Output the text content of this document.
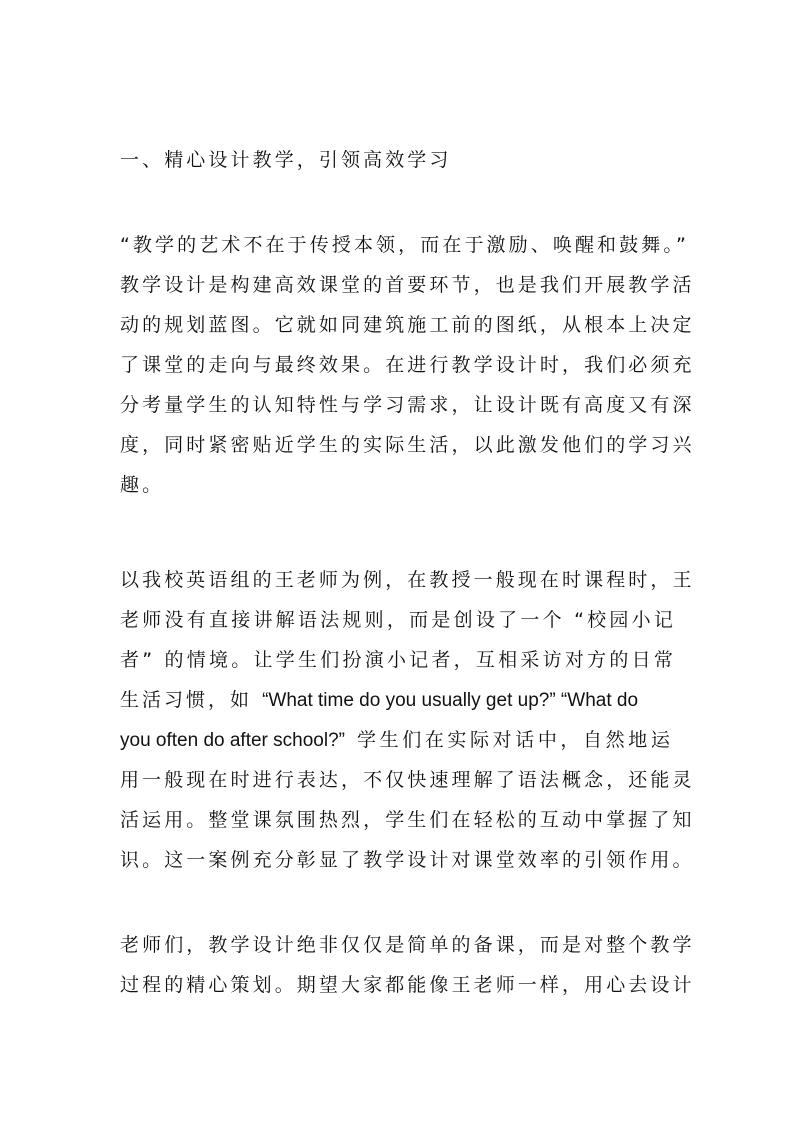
一、精心设计教学，引领高效学习
“教学的艺术不在于传授本领，而在于激励、唤醒和鼓舞。”
教学设计是构建高效课堂的首要环节，也是我们开展教学活
动的规划蓝图。它就如同建筑施工前的图纸，从根本上决定
了课堂的走向与最终效果。在进行教学设计时，我们必须充
分考量学生的认知特性与学习需求，让设计既有高度又有深
度，同时紧密贴近学生的实际生活，以此激发他们的学习兴
趣。
以我校英语组的王老师为例，在教授一般现在时课程时，王
老师没有直接讲解语法规则，而是创设了一个 “校园小记
者” 的情境。让学生们扮演小记者，互相采访对方的日常
生活习惯，如 “What time do you usually get up?” “What do
you often do after school?” 学生们在实际对话中，自然地运
用一般现在时进行表达，不仅快速理解了语法概念，还能灵
活运用。整堂课氛围热烈，学生们在轻松的互动中掌握了知
识。这一案例充分彰显了教学设计对课堂效率的引领作用。
老师们，教学设计绝非仅仅是简单的备课，而是对整个教学
过程的精心策划。期望大家都能像王老师一样，用心去设计
